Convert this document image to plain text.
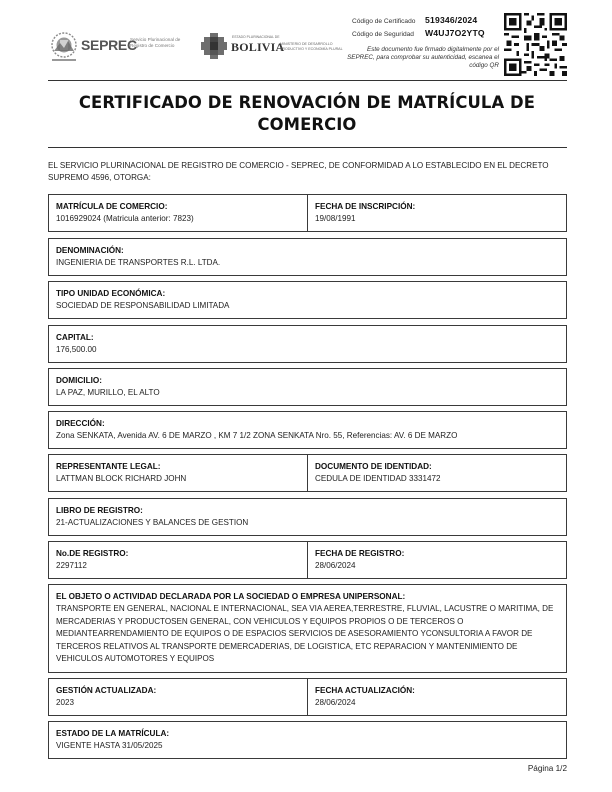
SEPREC
Servicio Plurinacional de Registro de Comercio
ESTADO PLURINACIONAL DE
BOLIVIA
MINISTERIO DE DESARROLLO PRODUCTIVO Y ECONOMÍA PLURAL
Código de Certificado	519346/2024
Código de Seguridad	W4UJ7O2YTQ
Este documento fue firmado digitalmente por el SEPREC, para comprobar su autenticidad, escanea el código QR
CERTIFICADO DE RENOVACIÓN DE MATRÍCULA DE COMERCIO

EL SERVICIO PLURINACIONAL DE REGISTRO DE COMERCIO - SEPREC, DE CONFORMIDAD A LO ESTABLECIDO EN EL DECRETO SUPREMO 4596, OTORGA:

MATRÍCULA DE COMERCIO:
1016929024 (Matricula anterior: 7823)
FECHA DE INSCRIPCIÓN:
19/08/1991
DENOMINACIÓN:
INGENIERIA DE TRANSPORTES R.L. LTDA.
TIPO UNIDAD ECONÓMICA:
SOCIEDAD DE RESPONSABILIDAD LIMITADA
CAPITAL:
176,500.00
DOMICILIO:
LA PAZ, MURILLO, EL ALTO
DIRECCIÓN:
Zona SENKATA, Avenida AV. 6 DE MARZO , KM 7 1/2 ZONA SENKATA Nro. 55, Referencias: AV. 6 DE MARZO
REPRESENTANTE LEGAL:
LATTMAN BLOCK RICHARD JOHN
DOCUMENTO DE IDENTIDAD:
CEDULA DE IDENTIDAD 3331472
LIBRO DE REGISTRO:
21-ACTUALIZACIONES Y BALANCES DE GESTION
No.DE REGISTRO:
2297112
FECHA DE REGISTRO:
28/06/2024
EL OBJETO O ACTIVIDAD DECLARADA POR LA SOCIEDAD O EMPRESA UNIPERSONAL:
TRANSPORTE EN GENERAL, NACIONAL E INTERNACIONAL, SEA VIA AEREA,TERRESTRE, FLUVIAL, LACUSTRE O MARITIMA, DE MERCADERIAS Y PRODUCTOSEN GENERAL, CON VEHICULOS Y EQUIPOS PROPIOS O DE TERCEROS O MEDIANTEARRENDAMIENTO DE EQUIPOS O DE ESPACIOS SERVICIOS DE ASESORAMIENTO YCONSULTORIA A FAVOR DE TERCEROS RELATIVOS AL TRANSPORTE DEMERCADERIAS, DE LOGISTICA, ETC REPARACION Y MANTENIMIENTO DE VEHICULOS AUTOMOTORES Y EQUIPOS
GESTIÓN ACTUALIZADA:
2023
FECHA ACTUALIZACIÓN:
28/06/2024
ESTADO DE LA MATRÍCULA:
VIGENTE HASTA 31/05/2025
Página 1/2
